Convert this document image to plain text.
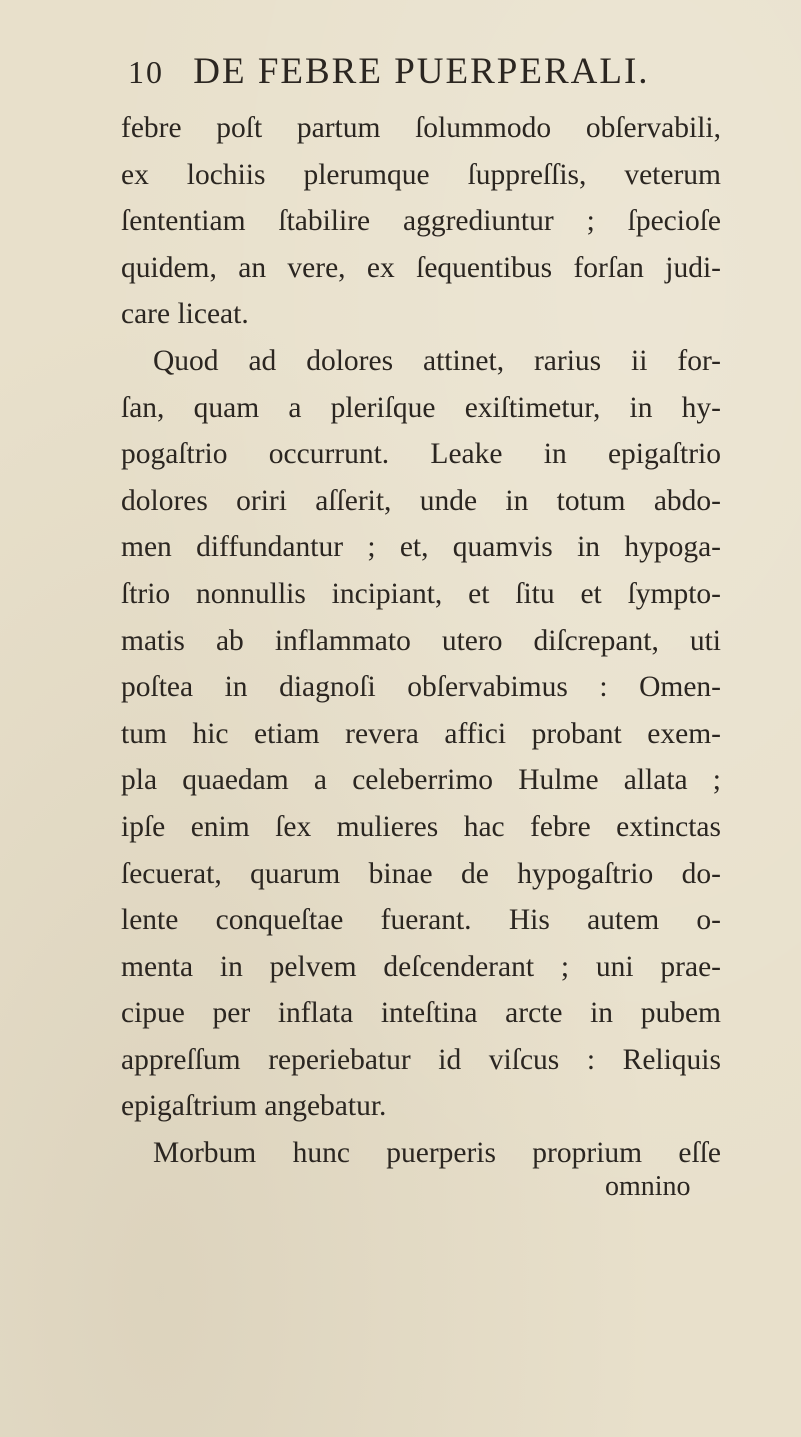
10 DE FEBRE PUERPERALI.
febre poſt partum ſolummodo obſervabili,
ex lochiis plerumque ſuppreſſis, veterum
ſententiam ſtabilire aggrediuntur ; ſpecioſe
quidem, an vere, ex ſequentibus forſan judi-
care liceat.
Quod ad dolores attinet, rarius ii for-
ſan, quam a pleriſque exiſtimetur, in hy-
pogaſtrio occurrunt. Leake in epigaſtrio
dolores oriri aſſerit, unde in totum abdo-
men diffundantur ; et, quamvis in hypoga-
ſtrio nonnullis incipiant, et ſitu et ſympto-
matis ab inflammato utero diſcrepant, uti
poſtea in diagnoſi obſervabimus : Omen-
tum hic etiam revera affici probant exem-
pla quaedam a celeberrimo Hulme allata ;
ipſe enim ſex mulieres hac febre extinctas
ſecuerat, quarum binae de hypogaſtrio do-
lente conqueſtae fuerant. His autem o-
menta in pelvem deſcenderant ; uni prae-
cipue per inflata inteſtina arcte in pubem
appreſſum reperiebatur id viſcus : Reliquis
epigaſtrium angebatur.
Morbum hunc puerperis proprium eſſe
omnino
